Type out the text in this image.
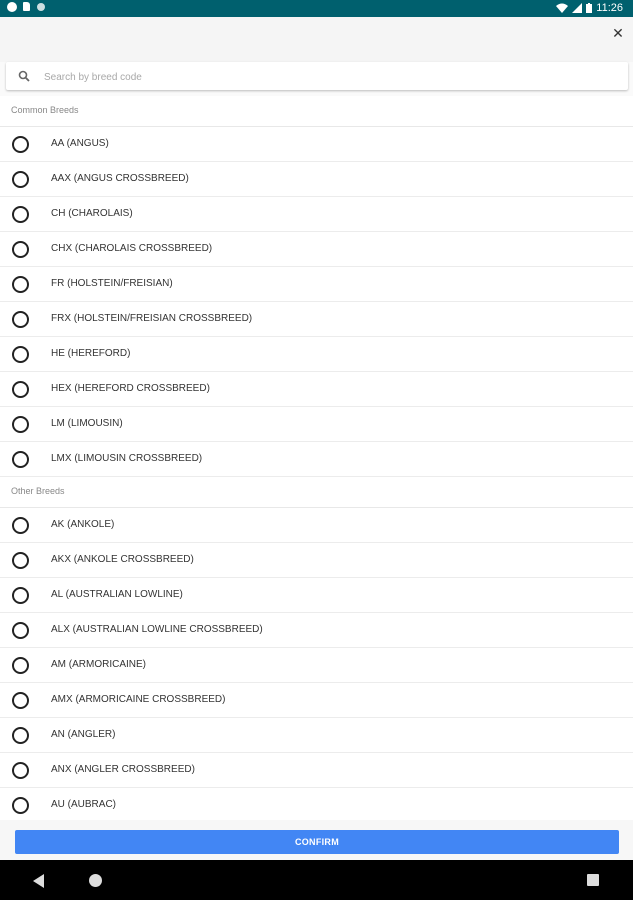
11:26
✕
Search by breed code
Common Breeds
AA (ANGUS)
AAX (ANGUS CROSSBREED)
CH (CHAROLAIS)
CHX (CHAROLAIS CROSSBREED)
FR (HOLSTEIN/FREISIAN)
FRX (HOLSTEIN/FREISIAN CROSSBREED)
HE (HEREFORD)
HEX (HEREFORD CROSSBREED)
LM (LIMOUSIN)
LMX (LIMOUSIN CROSSBREED)
Other Breeds
AK (ANKOLE)
AKX (ANKOLE CROSSBREED)
AL (AUSTRALIAN LOWLINE)
ALX (AUSTRALIAN LOWLINE CROSSBREED)
AM (ARMORICAINE)
AMX (ARMORICAINE CROSSBREED)
AN (ANGLER)
ANX (ANGLER CROSSBREED)
AU (AUBRAC)
CONFIRM
